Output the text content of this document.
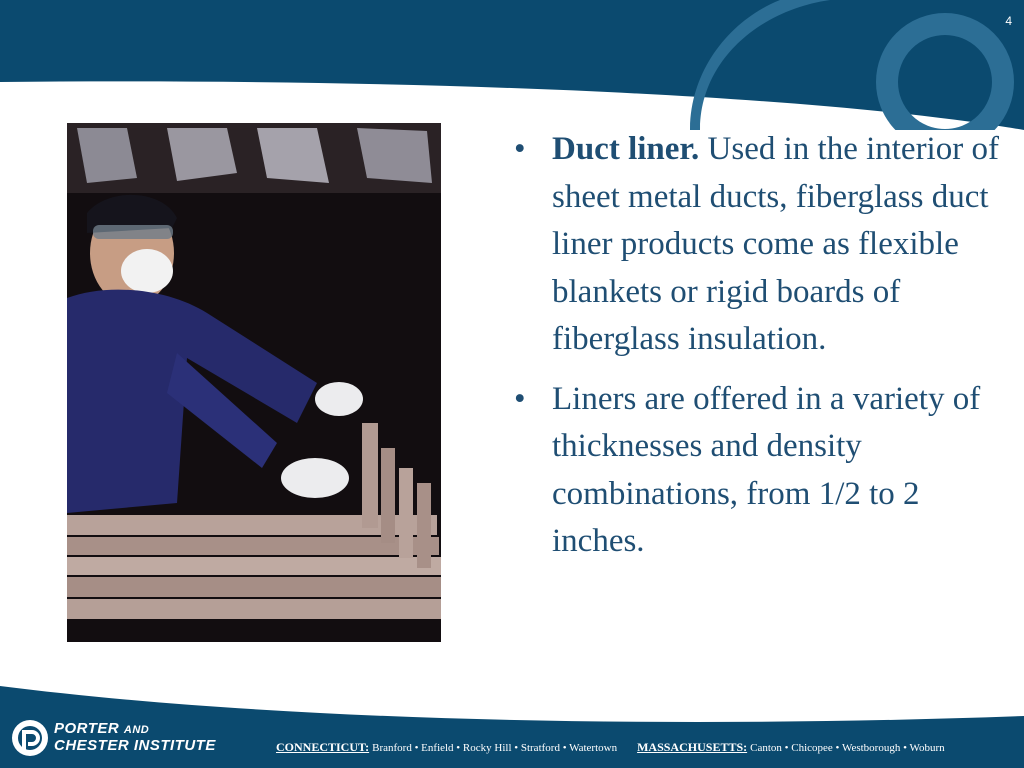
4
• Duct liner. Used in the interior of sheet metal ducts, fiberglass duct liner products come as flexible blankets or rigid boards of fiberglass insulation.
• Liners are offered in a variety of thicknesses and density combinations, from 1/2 to 2 inches.
PORTER AND
CHESTER INSTITUTE	CONNECTICUT: Branford • Enfield • Rocky Hill • Stratford • Watertown MASSACHUSETTS: Canton • Chicopee • Westborough • Woburn
